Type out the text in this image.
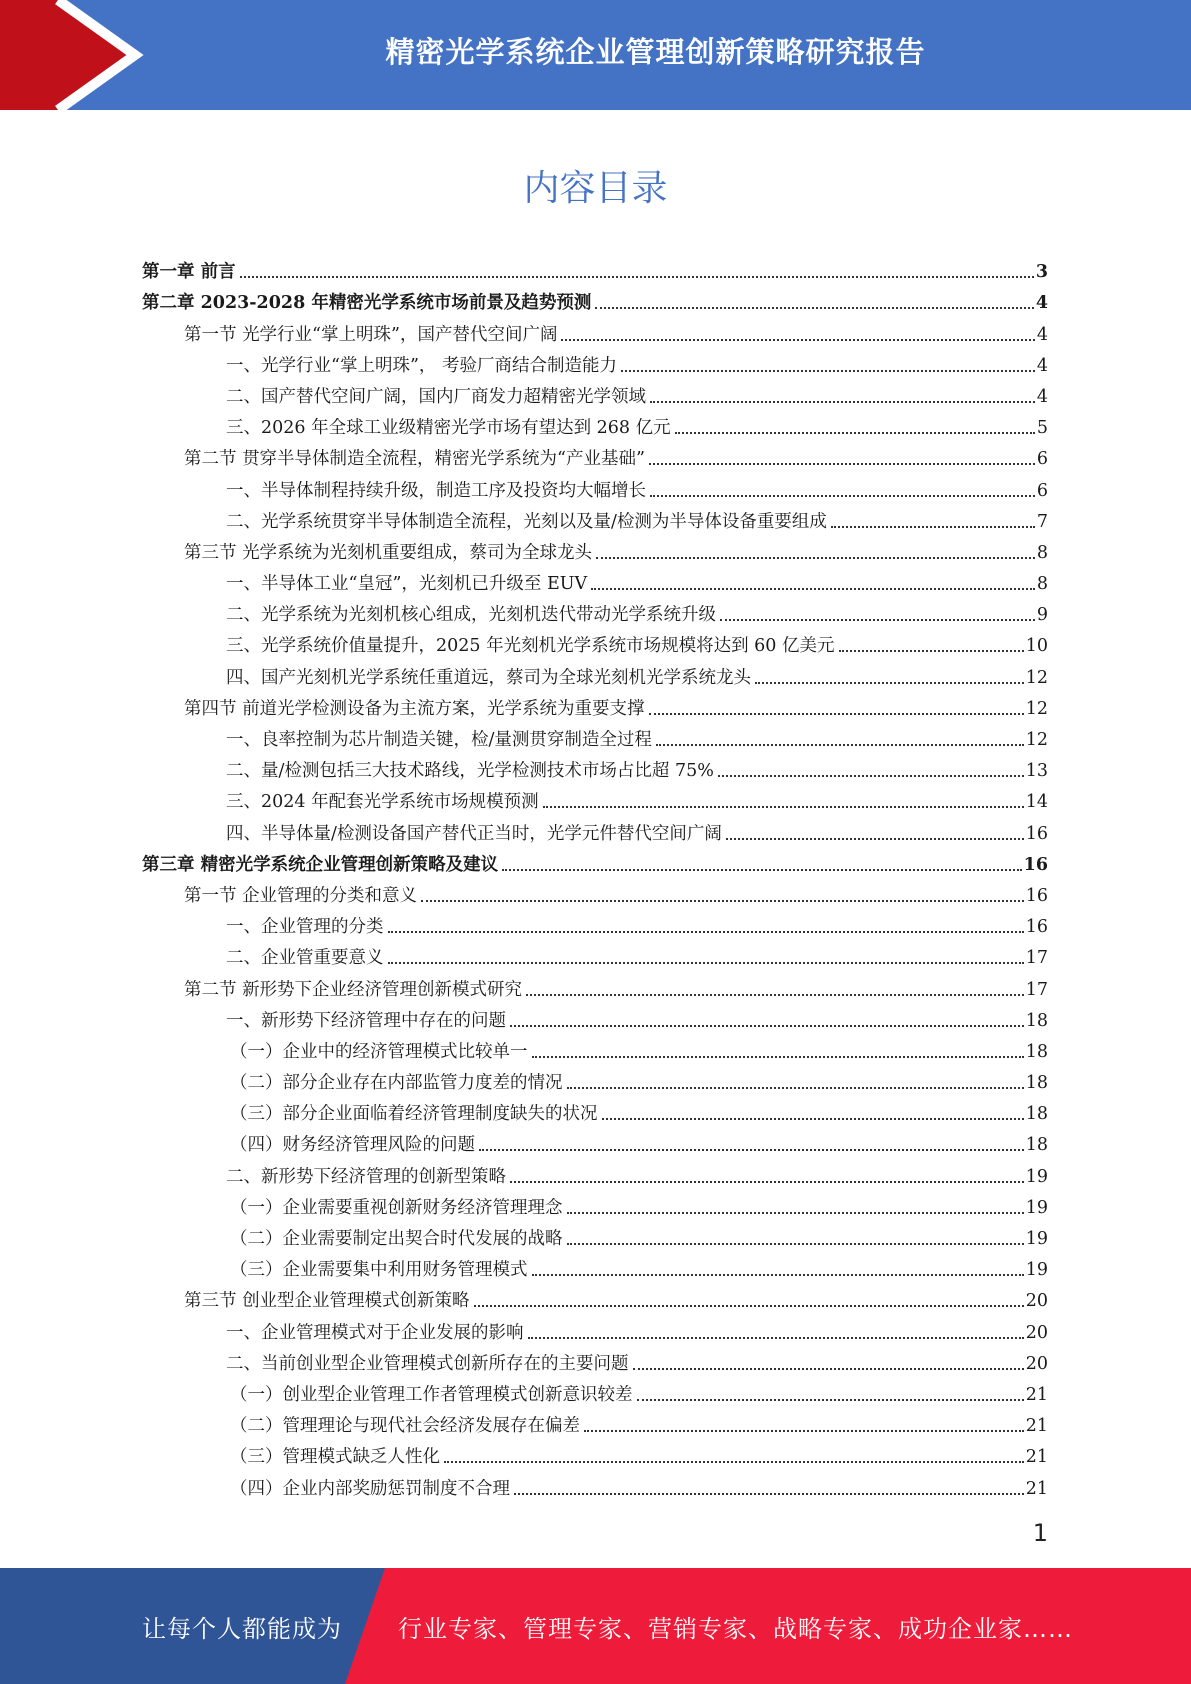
精密光学系统企业管理创新策略研究报告
内容目录
第一章 前言	3
第二章 2023-2028 年精密光学系统市场前景及趋势预测	4
第一节 光学行业“掌上明珠”，国产替代空间广阔	4
一、光学行业“掌上明珠”， 考验厂商结合制造能力	4
二、国产替代空间广阔，国内厂商发力超精密光学领域	4
三、2026 年全球工业级精密光学市场有望达到 268 亿元	5
第二节 贯穿半导体制造全流程，精密光学系统为“产业基础”	6
一、半导体制程持续升级，制造工序及投资均大幅增长	6
二、光学系统贯穿半导体制造全流程，光刻以及量/检测为半导体设备重要组成	7
第三节 光学系统为光刻机重要组成，蔡司为全球龙头	8
一、半导体工业“皇冠”，光刻机已升级至 EUV	8
二、光学系统为光刻机核心组成，光刻机迭代带动光学系统升级	9
三、光学系统价值量提升，2025 年光刻机光学系统市场规模将达到 60 亿美元	10
四、国产光刻机光学系统任重道远，蔡司为全球光刻机光学系统龙头	12
第四节 前道光学检测设备为主流方案，光学系统为重要支撑	12
一、良率控制为芯片制造关键，检/量测贯穿制造全过程	12
二、量/检测包括三大技术路线，光学检测技术市场占比超 75%	13
三、2024 年配套光学系统市场规模预测	14
四、半导体量/检测设备国产替代正当时，光学元件替代空间广阔	16
第三章 精密光学系统企业管理创新策略及建议	16
第一节 企业管理的分类和意义	16
一、企业管理的分类	16
二、企业管重要意义	17
第二节 新形势下企业经济管理创新模式研究	17
一、新形势下经济管理中存在的问题	18
（一）企业中的经济管理模式比较单一	18
（二）部分企业存在内部监管力度差的情况	18
（三）部分企业面临着经济管理制度缺失的状况	18
（四）财务经济管理风险的问题	18
二、新形势下经济管理的创新型策略	19
（一）企业需要重视创新财务经济管理理念	19
（二）企业需要制定出契合时代发展的战略	19
（三）企业需要集中利用财务管理模式	19
第三节 创业型企业管理模式创新策略	20
一、企业管理模式对于企业发展的影响	20
二、当前创业型企业管理模式创新所存在的主要问题	20
（一）创业型企业管理工作者管理模式创新意识较差	21
（二）管理理论与现代社会经济发展存在偏差	21
（三）管理模式缺乏人性化	21
（四）企业内部奖励惩罚制度不合理	21
1
让每个人都能成为 行业专家、管理专家、营销专家、战略专家、成功企业家……
